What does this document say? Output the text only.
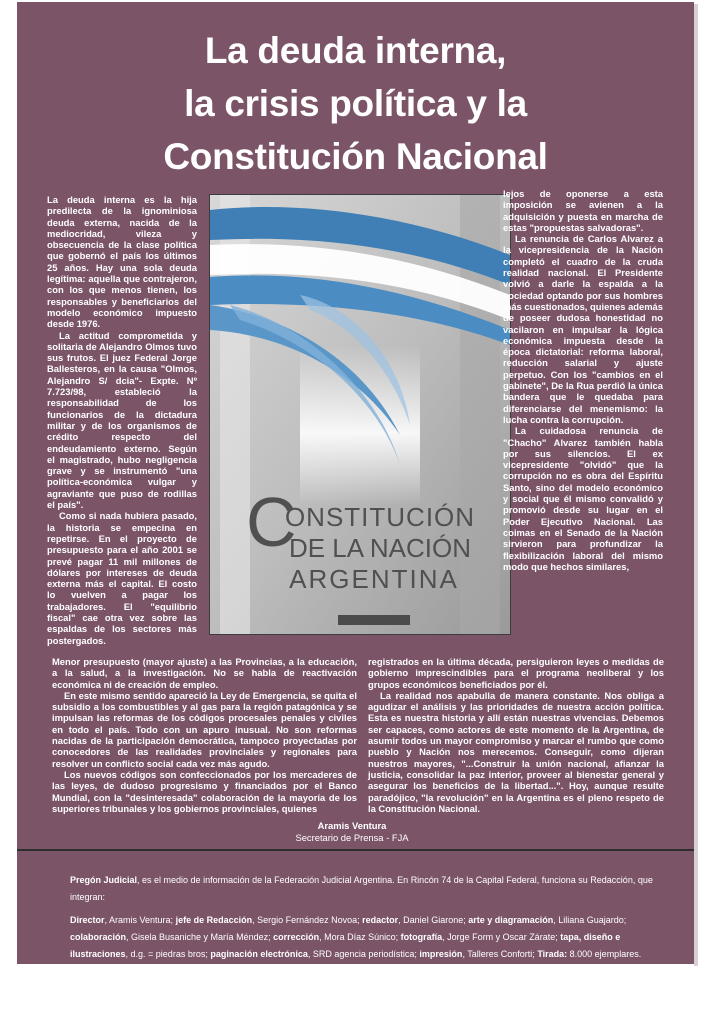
La deuda interna,
la crisis política y la
Constitución Nacional

La deuda interna es la hija predilecta de la ignominiosa deuda externa, nacida de la mediocridad, vileza y obsecuencia de la clase política que gobernó el país los últimos 25 años. Hay una sola deuda legítima: aquella que contrajeron, con los que menos tienen, los responsables y beneficiarios del modelo económico impuesto desde 1976.

La actitud comprometida y solitaria de Alejandro Olmos tuvo sus frutos. El juez Federal Jorge Ballesteros, en la causa "Olmos, Alejandro S/ dcia"- Expte. Nº 7.723/98, estableció la responsabilidad de los funcionarios de la dictadura militar y de los organismos de crédito respecto del endeudamiento externo. Según el magistrado, hubo negligencia grave y se instrumentó "una política-económica vulgar y agraviante que puso de rodillas el país".

Como si nada hubiera pasado, la historia se empecina en repetirse. En el proyecto de presupuesto para el año 2001 se prevé pagar 11 mil millones de dólares por intereses de deuda externa más el capital. El costo lo vuelven a pagar los trabajadores. El "equilibrio fiscal" cae otra vez sobre las espaldas de los sectores más postergados.

C
ONSTITUCIÓN
DE LA NACIÓN
ARGENTINA

lejos de oponerse a esta imposición se avienen a la adquisición y puesta en marcha de estas "propuestas salvadoras".

La renuncia de Carlos Alvarez a la vicepresidencia de la Nación completó el cuadro de la cruda realidad nacional. El Presidente volvió a darle la espalda a la sociedad optando por sus hombres más cuestionados, quienes además de poseer dudosa honestidad no vacilaron en impulsar la lógica económica impuesta desde la época dictatorial: reforma laboral, reducción salarial y ajuste perpetuo. Con los "cambios en el gabinete", De la Rua perdió la única bandera que le quedaba para diferenciarse del menemismo: la lucha contra la corrupción.

La cuidadosa renuncia de "Chacho" Alvarez también habla por sus silencios. El ex vicepresidente "olvidó" que la corrupción no es obra del Espíritu Santo, sino del modelo económico y social que él mismo convalidó y promovió desde su lugar en el Poder Ejecutivo Nacional. Las coimas en el Senado de la Nación sirvieron para profundizar la flexibilización laboral del mismo modo que hechos similares,

Menor presupuesto (mayor ajuste) a las Provincias, a la educación, a la salud, a la investigación. No se habla de reactivación económica ni de creación de empleo.

En este mismo sentido apareció la Ley de Emergencia, se quita el subsidio a los combustibles y al gas para la región patagónica y se impulsan las reformas de los códigos procesales penales y civiles en todo el país. Todo con un apuro inusual. No son reformas nacidas de la participación democrática, tampoco proyectadas por conocedores de las realidades provinciales y regionales para resolver un conflicto social cada vez más agudo.

Los nuevos códigos son confeccionados por los mercaderes de las leyes, de dudoso progresismo y financiados por el Banco Mundial, con la "desinteresada" colaboración de la mayoría de los superiores tribunales y los gobiernos provinciales, quienes

registrados en la última década, persiguieron leyes o medidas de gobierno imprescindibles para el programa neoliberal y los grupos económicos beneficiados por él.

La realidad nos apabulla de manera constante. Nos obliga a agudizar el análisis y las prioridades de nuestra acción política. Esta es nuestra historia y allí están nuestras vivencias. Debemos ser capaces, como actores de este momento de la Argentina, de asumir todos un mayor compromiso y marcar el rumbo que como pueblo y Nación nos merecemos. Conseguir, como dijeran nuestros mayores, "...Construir la unión nacional, afianzar la justicia, consolidar la paz interior, proveer al bienestar general y asegurar los beneficios de la libertad...". Hoy, aunque resulte paradójico, "la revolución" en la Argentina es el pleno respeto de la Constitución Nacional.

Aramis Ventura
Secretario de Prensa - FJA

Pregón Judicial, es el medio de información de la Federación Judicial Argentina. En Rincón 74 de la Capital Federal, funciona su Redacción, que integran:

Director, Aramis Ventura; jefe de Redacción, Sergio Fernández Novoa; redactor, Daniel Giarone; arte y diagramación, Liliana Guajardo; colaboración, Gisela Busaniche y María Méndez; corrección, Mora Díaz Súnico; fotografía, Jorge Form y Oscar Zárate; tapa, diseño e ilustraciones, d.g. = piedras bros; paginación electrónica, SRD agencia periodística; impresión, Talleres Conforti; Tirada: 8.000 ejemplares.
